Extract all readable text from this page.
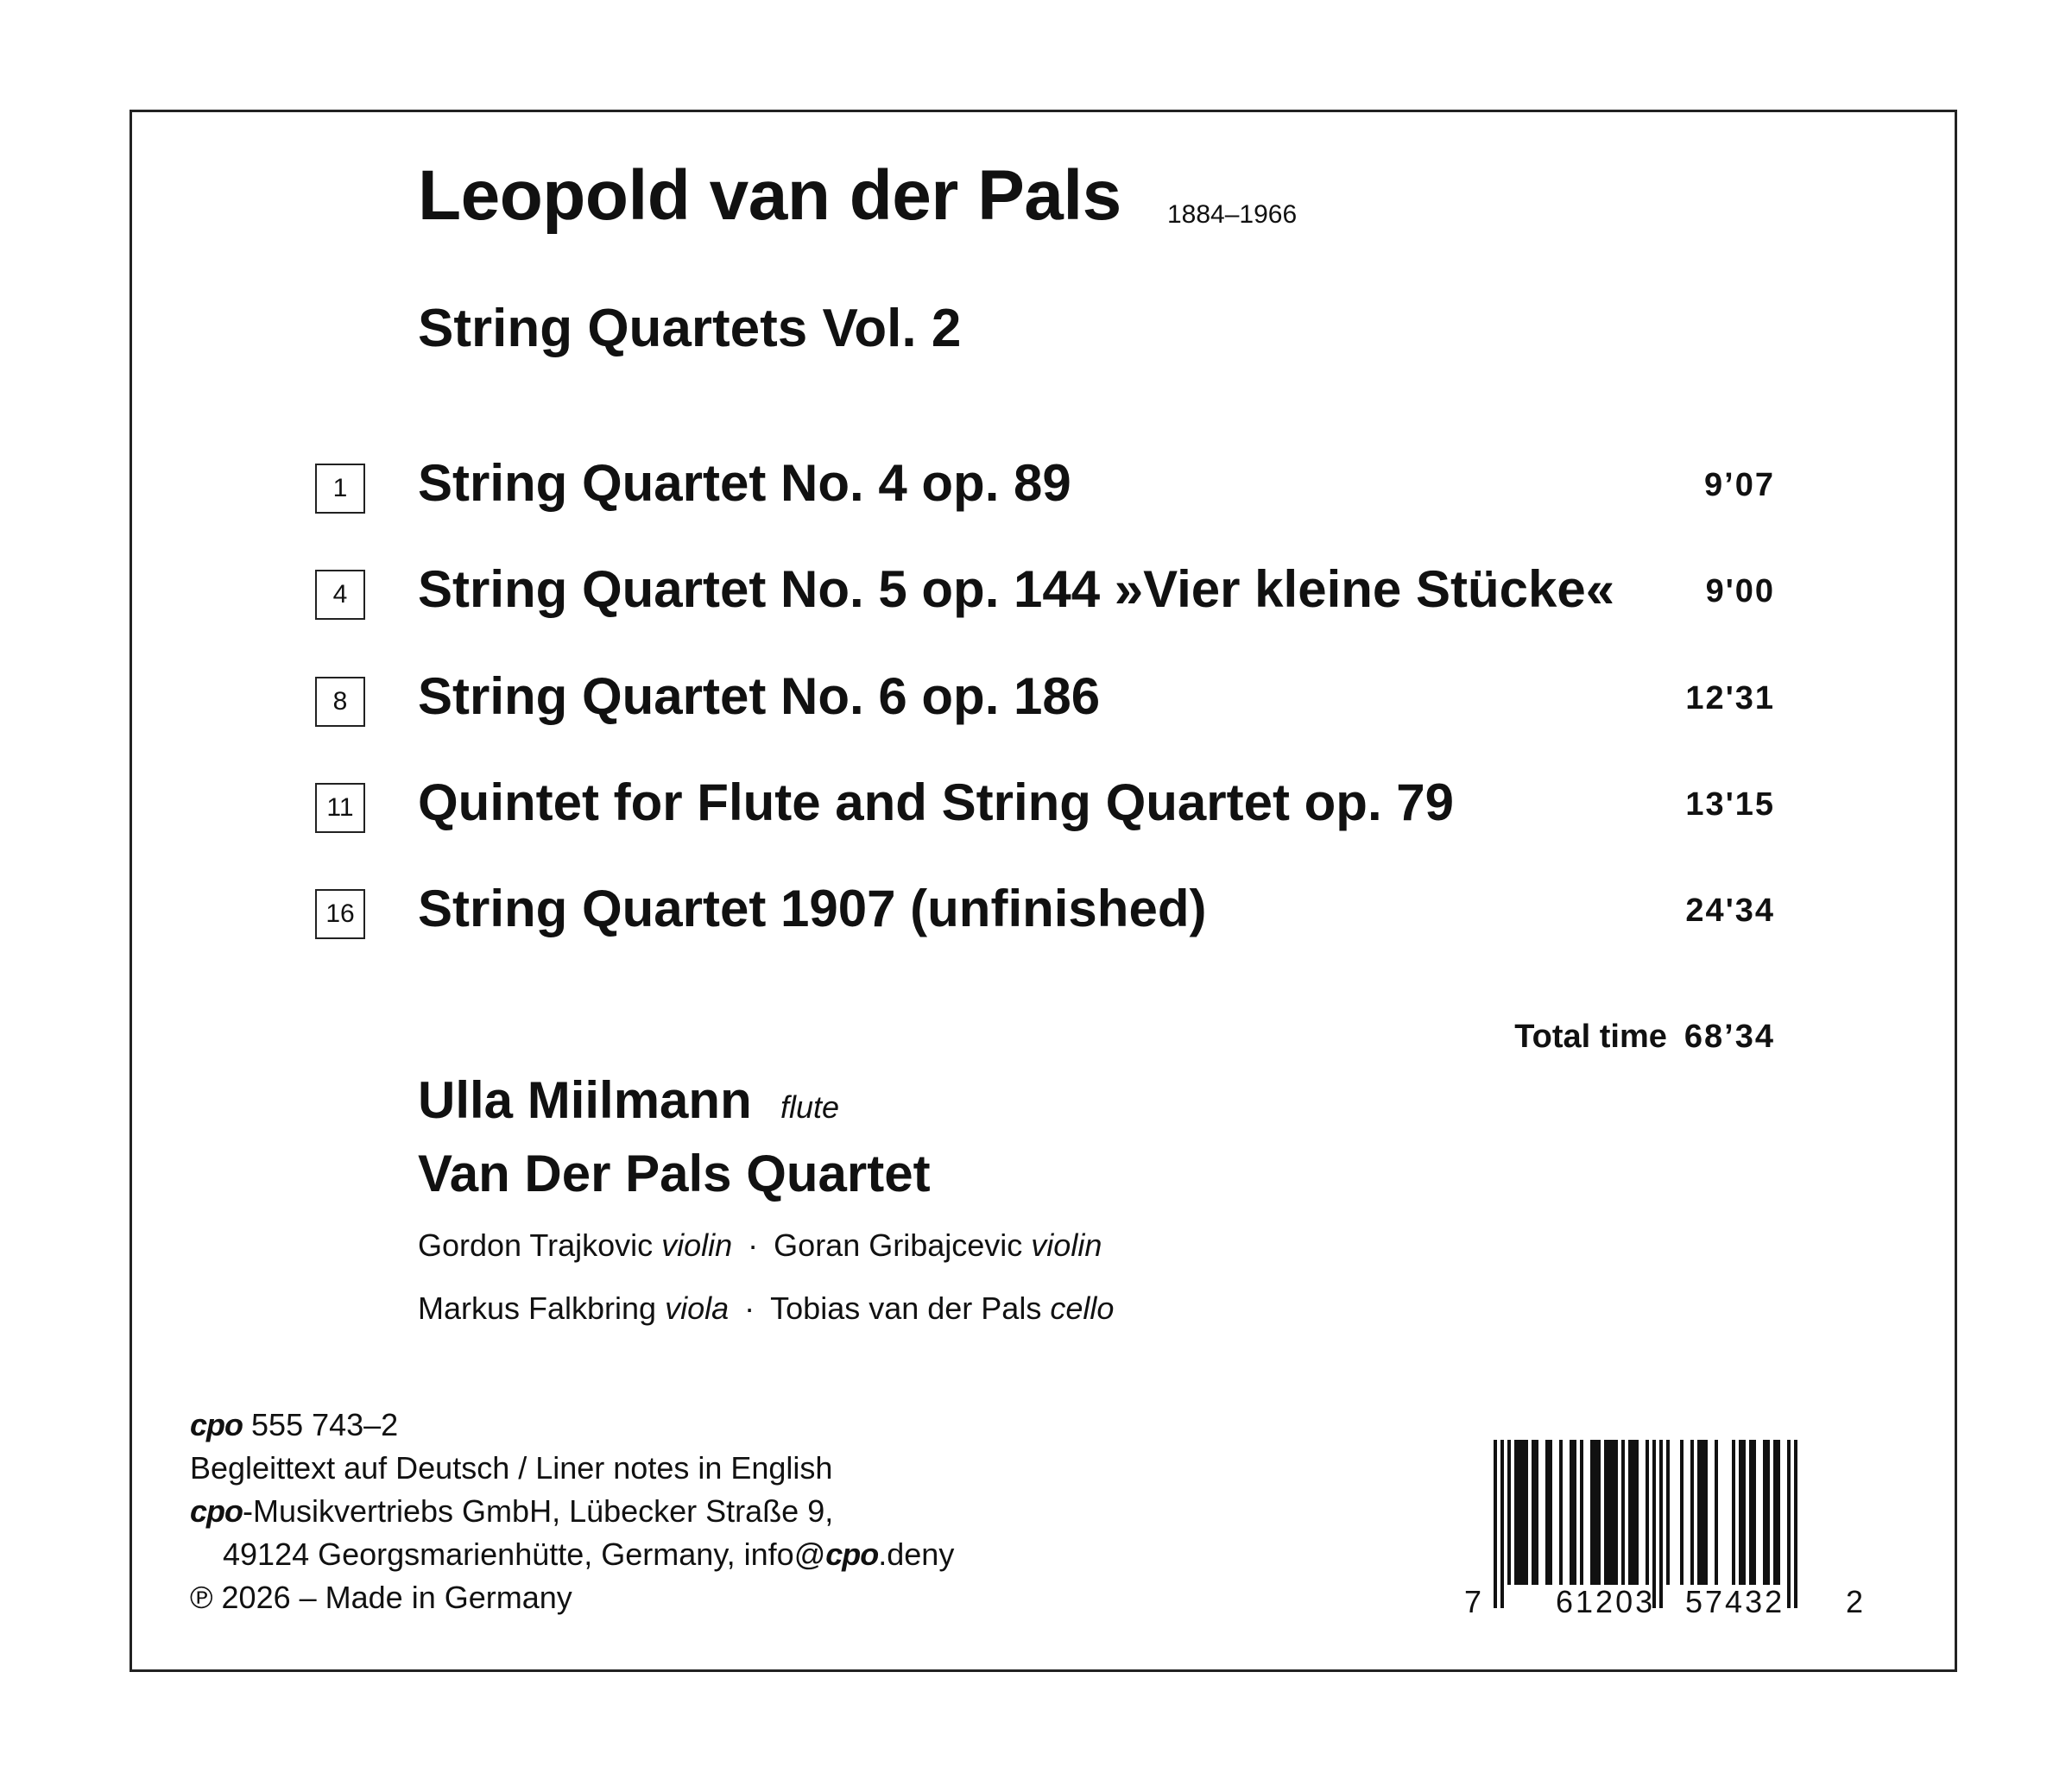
Leopold van der Pals 1884–1966
String Quartets Vol. 2
1	String Quartet No. 4 op. 89	9’07
4	String Quartet No. 5 op. 144 »Vier kleine Stücke«	9'00
8	String Quartet No. 6 op. 186	12'31
11 Quintet for Flute and String Quartet op. 79	13'15
16 String Quartet 1907 (unfinished)	24'34
Total time 68’34
Ulla Miilmann flute
Van Der Pals Quartet
Gordon Trajkovic violin · Goran Gribajcevic violin
Markus Falkbring viola · Tobias van der Pals cello
cpo 555 743–2
Begleittext auf Deutsch / Liner notes in English
cpo-Musikvertriebs GmbH, Lübecker Straße 9,
49124 Georgsmarienhütte, Germany, info@cpo.deny
℗ 2026 – Made in Germany	7 61203 57432 2
